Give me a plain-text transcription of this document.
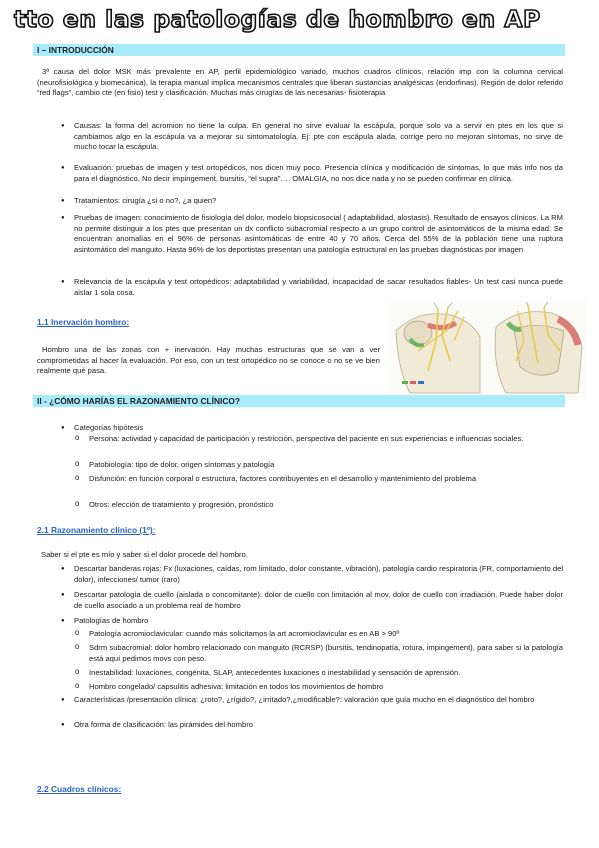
tto en las patologías de hombro en AP
I – INTRODUCCIÓN
3ª causa del dolor MSK más prevalente en AP, perfil epidemiológico variado, muchos cuadros clínicos, relación imp con la columna cervical (neurofisiológica y biomecánica), la terapia manual implica mecanismos centrales que liberan sustancias analgésicas (endorfinas). Región de dolor referido “red flags”, cambio cte (en fisio) test y clasificación. Muchas más cirugías de las necesarias- fisioterapia
● Causas: la forma del acromion no tiene la culpa. En general no sirve evaluar la escápula, porque solo va a servir en ptes en los que si cambiamos algo en la escápula va a mejorar su sintomatología. Ej: pte con escápula alada, corrige pero no mejoran síntomas, no sirve de mucho tocar la escápula.
● Evaluación: pruebas de imagen y test ortopédicos, nos dicen muy poco. Presencia clínica y modificación de síntomas, lo que más info nos da para el diagnóstico. No decir impingement, bursitis, “el supra”…. OMALGIA, no nos dice nada y no se pueden confirmar en clínica.
● Tratamientos: cirugía ¿si o no?, ¿a quien?
● Pruebas de imagen: conocimiento de fisiología del dolor, modelo biopsicosocial ( adaptabilidad, alostasis). Resultado de ensayos clínicos. La RM no permite distinguir a los ptes que presentan un dx conflicto subacromial respecto a un grupo control de asintomáticos de la misma edad. Se encuentran anomalías en el 96% de personas asintomáticas de entre 40 y 70 años. Cerca del 55% de la población tiene una ruptura asintomático del manguito. Hasta 96% de los deportistas presentan una patología estructural en las pruebas diagnósticas por imagen
● Relevancia de la escápula y test ortopédicos: adaptabilidad y variabilidad, incapacidad de sacar resultados fiables- Un test casi nunca puede aislar 1 sola cosa.
1.1 Inervación hombro:
Hombro una de las zonas con + inervación. Hay muchas estructuras que se van a ver comprometidas al hacer la evaluación. Por eso, con un test ortopédico no se conoce o no se ve bien realmente qué pasa.
II - ¿CÓMO HARÍAS EL RAZONAMIENTO CLÍNICO?
● Categorías hipótesis
o Persona: actividad y capacidad de participación y restricción, perspectiva del paciente en sus experiencias e influencias sociales.
o Patobiología: tipo de dolor, origen síntomas y patología
o Disfunción: en función corporal o estructura, factores contribuyentes en el desarrollo y mantenimiento del problema
o Otros: elección de tratamiento y progresión, pronóstico
2.1 Razonamiento clínico (1º):
Saber si el pte es mío y saber si el dolor procede del hombro.
● Descartar banderas rojas: Fx (luxaciones, caídas, rom limitado, dolor constante, vibración), patología cardio respiratoria (FR, comportamiento del dolor), infecciones/ tumor (raro)
● Descartar patología de cuello (aislada o concomitante): dolor de cuello con limitación al mov, dolor de cuello con irradiación. Puede haber dolor de cuello asociado a un problema real de hombro
● Patologías de hombro
o Patología acromioclavicular: cuando más solicitamos la art acromioclavicular es en AB > 90º
o Sdrm subacromial: dolor hombro relacionado con manguito (RCRSP) (bursitis, tendinopatía, rotura, impingement), para saber si la patología está aquí pedimos movs con peso.
o Inestabilidad: luxaciones, congénita, SLAP, antecedentes luxaciones o inestabilidad y sensación de aprensión.
o Hombro congelado/ capsulitis adhesiva: limitación en todos los movimientos de hombro
● Características /presentación clínica: ¿roto?, ¿rígido?, ¿irritado?,¿modificable?: valoración que guía mucho en el diagnóstico del hombro
● Otra forma de clasificación: las pirámides del hombro
2.2 Cuadros clínicos:
